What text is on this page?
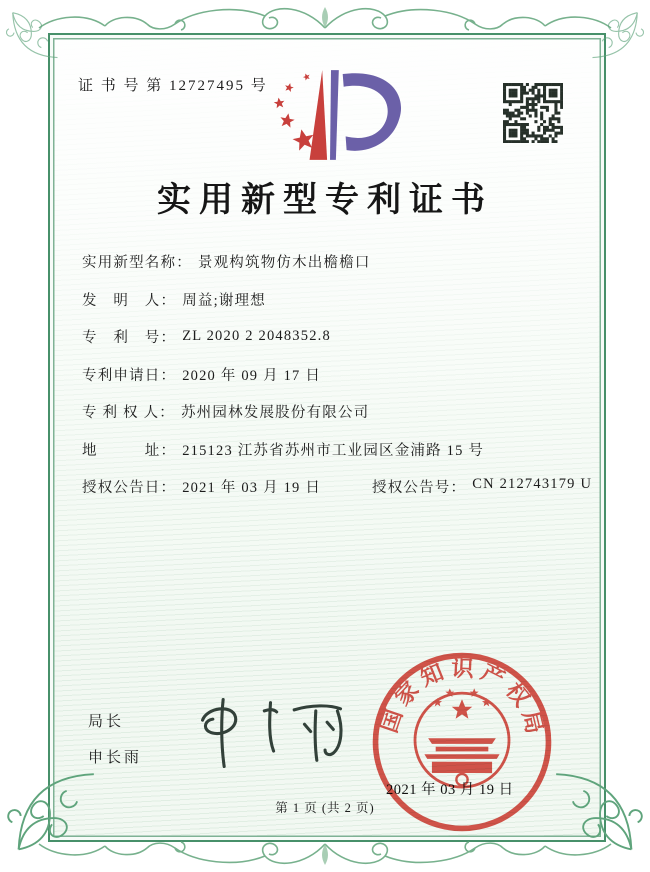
证 书 号 第 12727495 号
实用新型专利证书
实用新型名称： 景观构筑物仿木出檐檐口
发　明　人： 周益;谢理想
专　利　号： ZL 2020 2 2048352.8
专利申请日： 2020 年 09 月 17 日
专 利 权 人： 苏州园林发展股份有限公司
地　　　址： 215123 江苏省苏州市工业园区金浦路 15 号
授权公告日： 2021 年 03 月 19 日	授权公告号： CN 212743179 U

局长
申长雨
2021 年 03 月 19 日
国家知识产权局
第 1 页 (共 2 页)
